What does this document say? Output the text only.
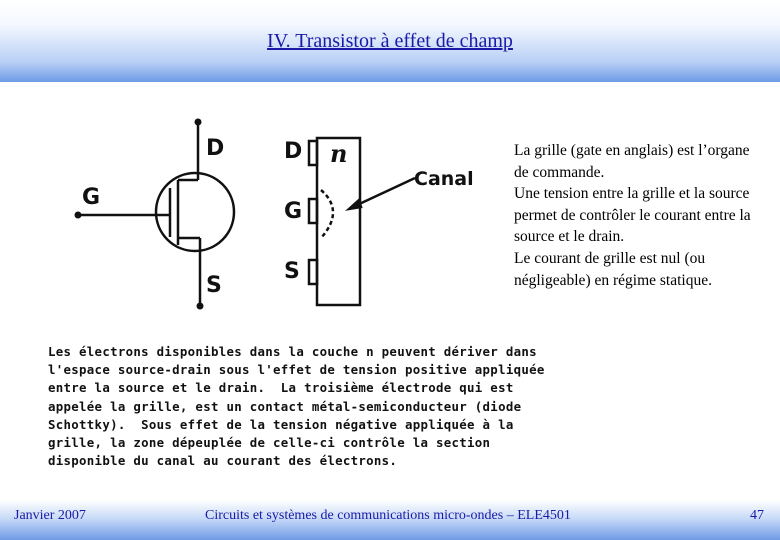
IV. Transistor à effet de champ
D
G
S
D
G
S
n
Canal

La grille (gate en anglais) est l’organe de commande.

Une tension entre la grille et la source permet de contrôler le courant entre la source et le drain.

Le courant de grille est nul (ou négligeable) en régime statique.

Les électrons disponibles dans la couche n peuvent dériver dans

l'espace source-drain sous l'effet de tension positive appliquée

entre la source et le drain.  La troisième électrode qui est

appelée la grille, est un contact métal-semiconducteur (diode

Schottky).  Sous effet de la tension négative appliquée à la

grille, la zone dépeuplée de celle-ci contrôle la section

disponible du canal au courant des électrons.

Janvier 2007	Circuits et systèmes de communications micro-ondes – ELE4501	47
